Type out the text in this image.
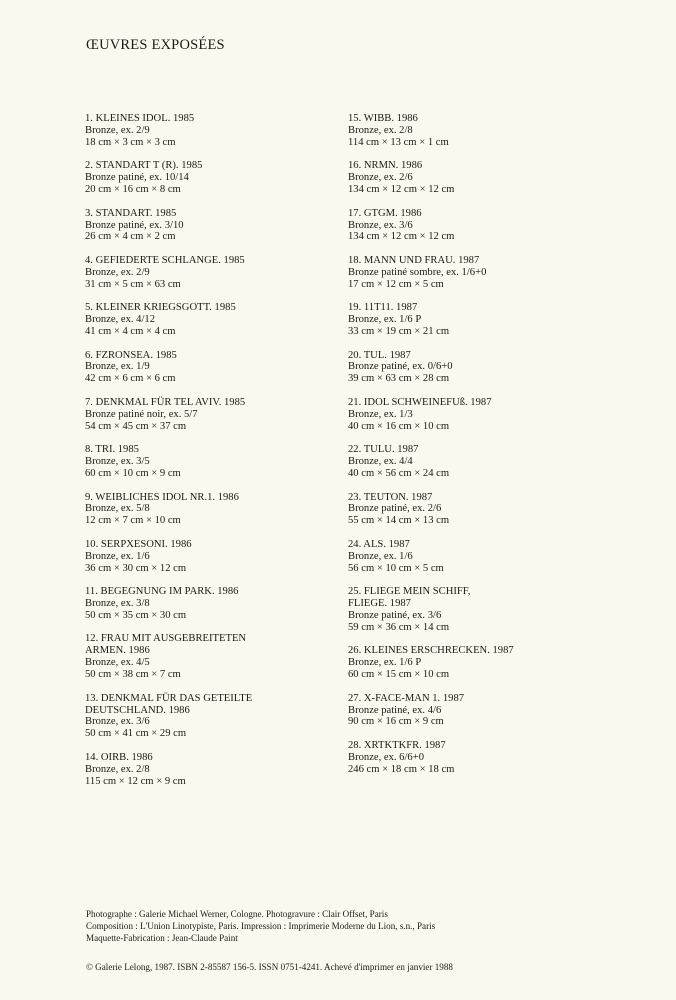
ŒUVRES EXPOSÉES
1. KLEINES IDOL. 1985
Bronze, ex. 2/9
18 cm × 3 cm × 3 cm
2. STANDART T (R). 1985
Bronze patiné, ex. 10/14
20 cm × 16 cm × 8 cm
3. STANDART. 1985
Bronze patiné, ex. 3/10
26 cm × 4 cm × 2 cm
4. GEFIEDERTE SCHLANGE. 1985
Bronze, ex. 2/9
31 cm × 5 cm × 63 cm
5. KLEINER KRIEGSGOTT. 1985
Bronze, ex. 4/12
41 cm × 4 cm × 4 cm
6. FZRONSEA. 1985
Bronze, ex. 1/9
42 cm × 6 cm × 6 cm
7. DENKMAL FÜR TEL AVIV. 1985
Bronze patiné noir, ex. 5/7
54 cm × 45 cm × 37 cm
8. TRI. 1985
Bronze, ex. 3/5
60 cm × 10 cm × 9 cm
9. WEIBLICHES IDOL NR.1. 1986
Bronze, ex. 5/8
12 cm × 7 cm × 10 cm
10. SERPXESONI. 1986
Bronze, ex. 1/6
36 cm × 30 cm × 12 cm
11. BEGEGNUNG IM PARK. 1986
Bronze, ex. 3/8
50 cm × 35 cm × 30 cm
12. FRAU MIT AUSGEBREITETEN
ARMEN. 1986
Bronze, ex. 4/5
50 cm × 38 cm × 7 cm
13. DENKMAL FÜR DAS GETEILTE
DEUTSCHLAND. 1986
Bronze, ex. 3/6
50 cm × 41 cm × 29 cm
14. OIRB. 1986
Bronze, ex. 2/8
115 cm × 12 cm × 9 cm
15. WIBB. 1986
Bronze, ex. 2/8
114 cm × 13 cm × 1 cm
16. NRMN. 1986
Bronze, ex. 2/6
134 cm × 12 cm × 12 cm
17. GTGM. 1986
Bronze, ex. 3/6
134 cm × 12 cm × 12 cm
18. MANN UND FRAU. 1987
Bronze patiné sombre, ex. 1/6+0
17 cm × 12 cm × 5 cm
19. 11T11. 1987
Bronze, ex. 1/6 P
33 cm × 19 cm × 21 cm
20. TUL. 1987
Bronze patiné, ex. 0/6+0
39 cm × 63 cm × 28 cm
21. IDOL SCHWEINEFUß. 1987
Bronze, ex. 1/3
40 cm × 16 cm × 10 cm
22. TULU. 1987
Bronze, ex. 4/4
40 cm × 56 cm × 24 cm
23. TEUTON. 1987
Bronze patiné, ex. 2/6
55 cm × 14 cm × 13 cm
24. ALS. 1987
Bronze, ex. 1/6
56 cm × 10 cm × 5 cm
25. FLIEGE MEIN SCHIFF,
FLIEGE. 1987
Bronze patiné, ex. 3/6
59 cm × 36 cm × 14 cm
26. KLEINES ERSCHRECKEN. 1987
Bronze, ex. 1/6 P
60 cm × 15 cm × 10 cm
27. X-FACE-MAN 1. 1987
Bronze patiné, ex. 4/6
90 cm × 16 cm × 9 cm
28. XRTKTKFR. 1987
Bronze, ex. 6/6+0
246 cm × 18 cm × 18 cm
Photographe : Galerie Michael Werner, Cologne. Photogravure : Clair Offset, Paris
Composition : L'Union Linotypiste, Paris. Impression : Imprimerie Moderne du Lion, s.n., Paris
Maquette-Fabrication : Jean-Claude Paint
© Galerie Lelong, 1987. ISBN 2-85587 156-5. ISSN 0751-4241. Achevé d'imprimer en janvier 1988
